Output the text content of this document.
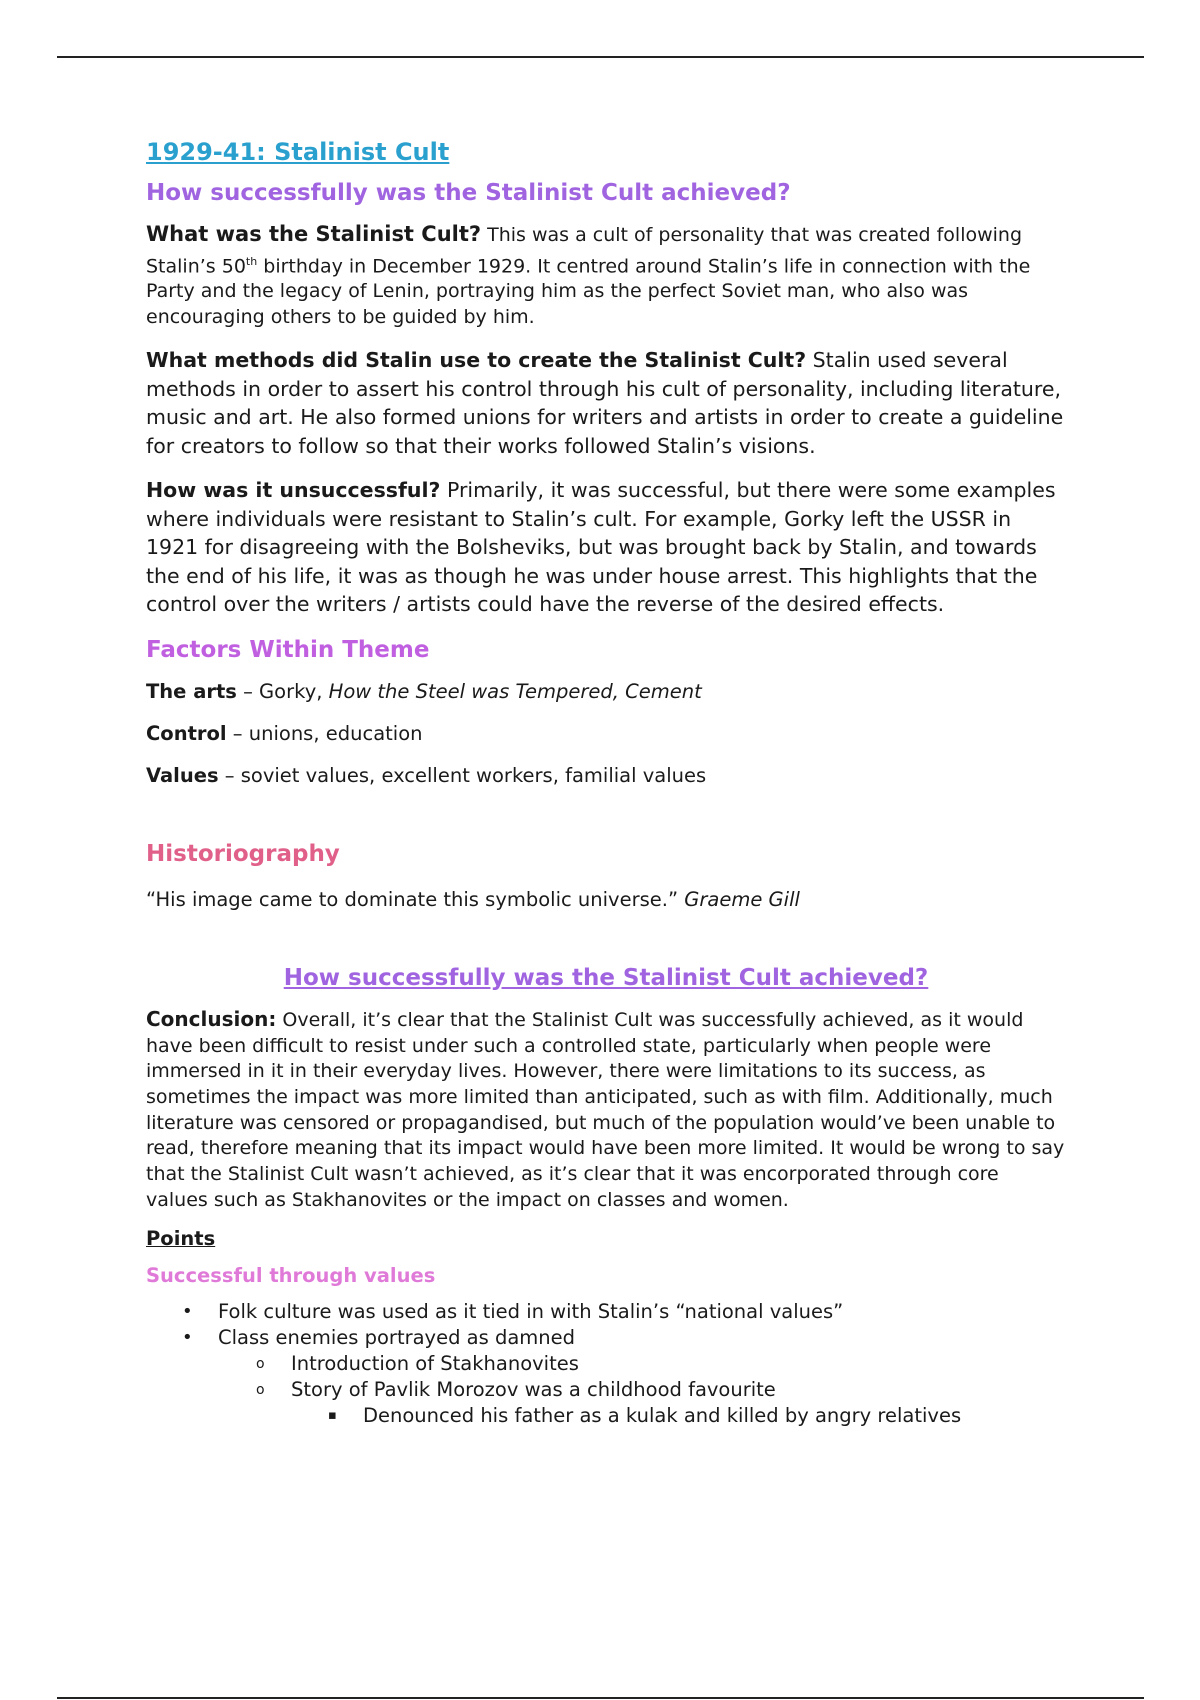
1929-41: Stalinist Cult
How successfully was the Stalinist Cult achieved?

What was the Stalinist Cult? This was a cult of personality that was created following Stalin’s 50th birthday in December 1929. It centred around Stalin’s life in connection with the Party and the legacy of Lenin, portraying him as the perfect Soviet man, who also was encouraging others to be guided by him.

What methods did Stalin use to create the Stalinist Cult? Stalin used several methods in order to assert his control through his cult of personality, including literature, music and art. He also formed unions for writers and artists in order to create a guideline for creators to follow so that their works followed Stalin’s visions.

How was it unsuccessful? Primarily, it was successful, but there were some examples where individuals were resistant to Stalin’s cult. For example, Gorky left the USSR in 1921 for disagreeing with the Bolsheviks, but was brought back by Stalin, and towards the end of his life, it was as though he was under house arrest. This highlights that the control over the writers / artists could have the reverse of the desired effects.

Factors Within Theme

The arts – Gorky, How the Steel was Tempered, Cement

Control – unions, education

Values – soviet values, excellent workers, familial values

Historiography

“His image came to dominate this symbolic universe.” Graeme Gill

How successfully was the Stalinist Cult achieved?

Conclusion: Overall, it’s clear that the Stalinist Cult was successfully achieved, as it would have been difficult to resist under such a controlled state, particularly when people were immersed in it in their everyday lives. However, there were limitations to its success, as sometimes the impact was more limited than anticipated, such as with film. Additionally, much literature was censored or propagandised, but much of the population would’ve been unable to read, therefore meaning that its impact would have been more limited. It would be wrong to say that the Stalinist Cult wasn’t achieved, as it’s clear that it was encorporated through core values such as Stakhanovites or the impact on classes and women.

Points
Successful through values
• Folk culture was used as it tied in with Stalin’s “national values”
• Class enemies portrayed as damned
o Introduction of Stakhanovites
o Story of Pavlik Morozov was a childhood favourite
▪ Denounced his father as a kulak and killed by angry relatives
